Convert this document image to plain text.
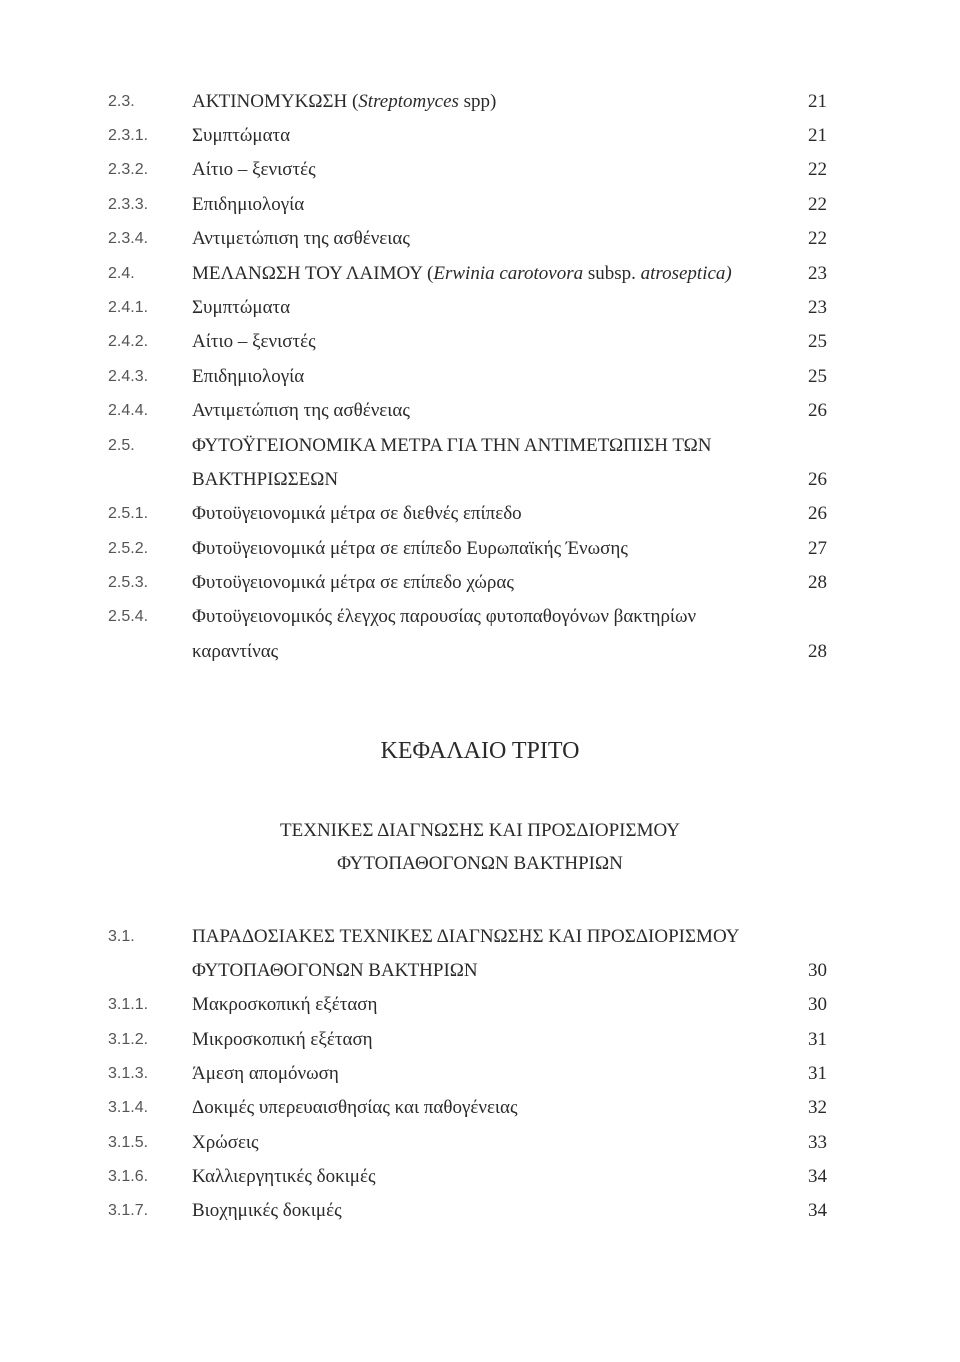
2.3.	ΑΚΤΙΝΟΜΥΚΩΣΗ (Streptomyces spp)	21
2.3.1.	Συμπτώματα	21
2.3.2.	Αίτιο – ξενιστές	22
2.3.3.	Επιδημιολογία	22
2.3.4.	Αντιμετώπιση της ασθένειας	22
2.4.	ΜΕΛΑΝΩΣΗ ΤΟΥ ΛΑΙΜΟΥ (Erwinia carotovora subsp. atroseptica)	23
2.4.1.	Συμπτώματα	23
2.4.2.	Αίτιο – ξενιστές	25
2.4.3.	Επιδημιολογία	25
2.4.4.	Αντιμετώπιση της ασθένειας	26
2.5.	ΦΥΤΟΫΓΕΙΟΝΟΜΙΚΑ ΜΕΤΡΑ ΓΙΑ ΤΗΝ ΑΝΤΙΜΕΤΩΠΙΣΗ ΤΩΝ
ΒΑΚΤΗΡΙΩΣΕΩΝ	26
2.5.1.	Φυτοϋγειονομικά μέτρα σε διεθνές επίπεδο	26
2.5.2.	Φυτοϋγειονομικά μέτρα σε επίπεδο Ευρωπαϊκής Ένωσης	27
2.5.3.	Φυτοϋγειονομικά μέτρα σε επίπεδο χώρας	28
2.5.4.	Φυτοϋγειονομικός έλεγχος παρουσίας φυτοπαθογόνων βακτηρίων
καραντίνας	28
ΚΕΦΑΛΑΙΟ ΤΡΙΤΟ
ΤΕΧΝΙΚΕΣ ΔΙΑΓΝΩΣΗΣ ΚΑΙ ΠΡΟΣΔΙΟΡΙΣΜΟΥ
ΦΥΤΟΠΑΘΟΓΟΝΩΝ ΒΑΚΤΗΡΙΩΝ
3.1.	ΠΑΡΑΔΟΣΙΑΚΕΣ ΤΕΧΝΙΚΕΣ ΔΙΑΓΝΩΣΗΣ ΚΑΙ ΠΡΟΣΔΙΟΡΙΣΜΟΥ
ΦΥΤΟΠΑΘΟΓΟΝΩΝ ΒΑΚΤΗΡΙΩΝ	30
3.1.1.	Μακροσκοπική εξέταση	30
3.1.2.	Μικροσκοπική εξέταση	31
3.1.3.	Άμεση απομόνωση	31
3.1.4.	Δοκιμές υπερευαισθησίας και παθογένειας	32
3.1.5.	Χρώσεις	33
3.1.6.	Καλλιεργητικές δοκιμές	34
3.1.7.	Βιοχημικές δοκιμές	34
